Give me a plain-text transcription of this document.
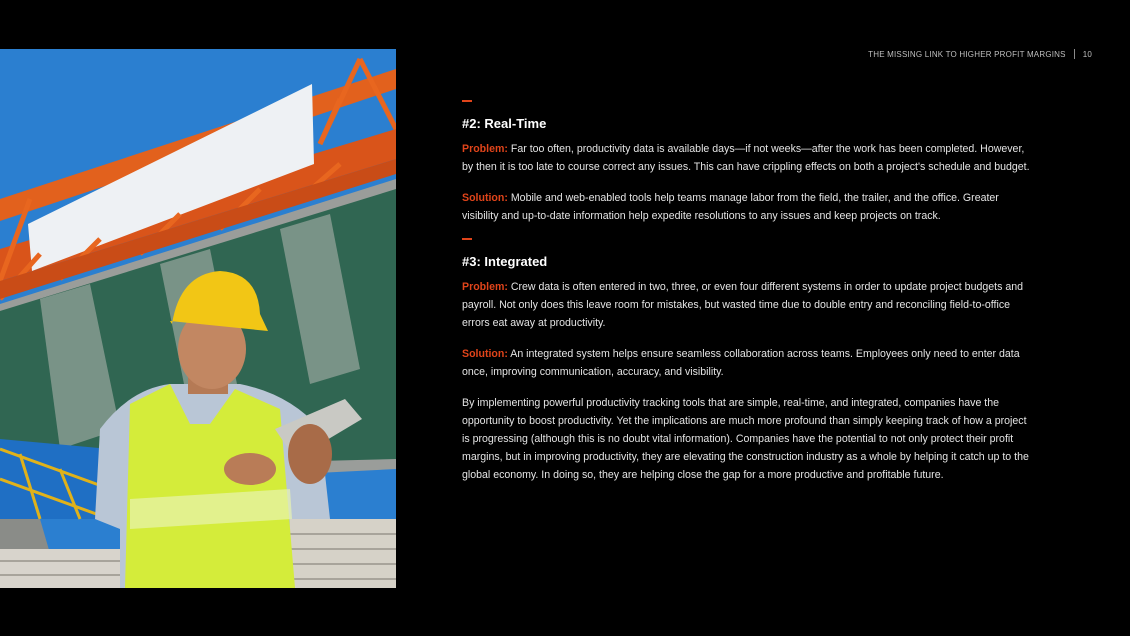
THE MISSING LINK TO HIGHER PROFIT MARGINS 10
#2: Real-Time

Problem: Far too often, productivity data is available days—if not weeks—after the work has been completed. However, by then it is too late to course correct any issues. This can have crippling effects on both a project's schedule and budget.

Solution: Mobile and web-enabled tools help teams manage labor from the field, the trailer, and the office. Greater visibility and up-to-date information help expedite resolutions to any issues and keep projects on track.

#3: Integrated

Problem: Crew data is often entered in two, three, or even four different systems in order to update project budgets and payroll. Not only does this leave room for mistakes, but wasted time due to double entry and reconciling field-to-office errors eat away at productivity.

Solution: An integrated system helps ensure seamless collaboration across teams. Employees only need to enter data once, improving communication, accuracy, and visibility.

By implementing powerful productivity tracking tools that are simple, real-time, and integrated, companies have the opportunity to boost productivity. Yet the implications are much more profound than simply keeping track of how a project is progressing (although this is no doubt vital information). Companies have the potential to not only protect their profit margins, but in improving productivity, they are elevating the construction industry as a whole by helping it catch up to the global economy. In doing so, they are helping close the gap for a more productive and profitable future.
